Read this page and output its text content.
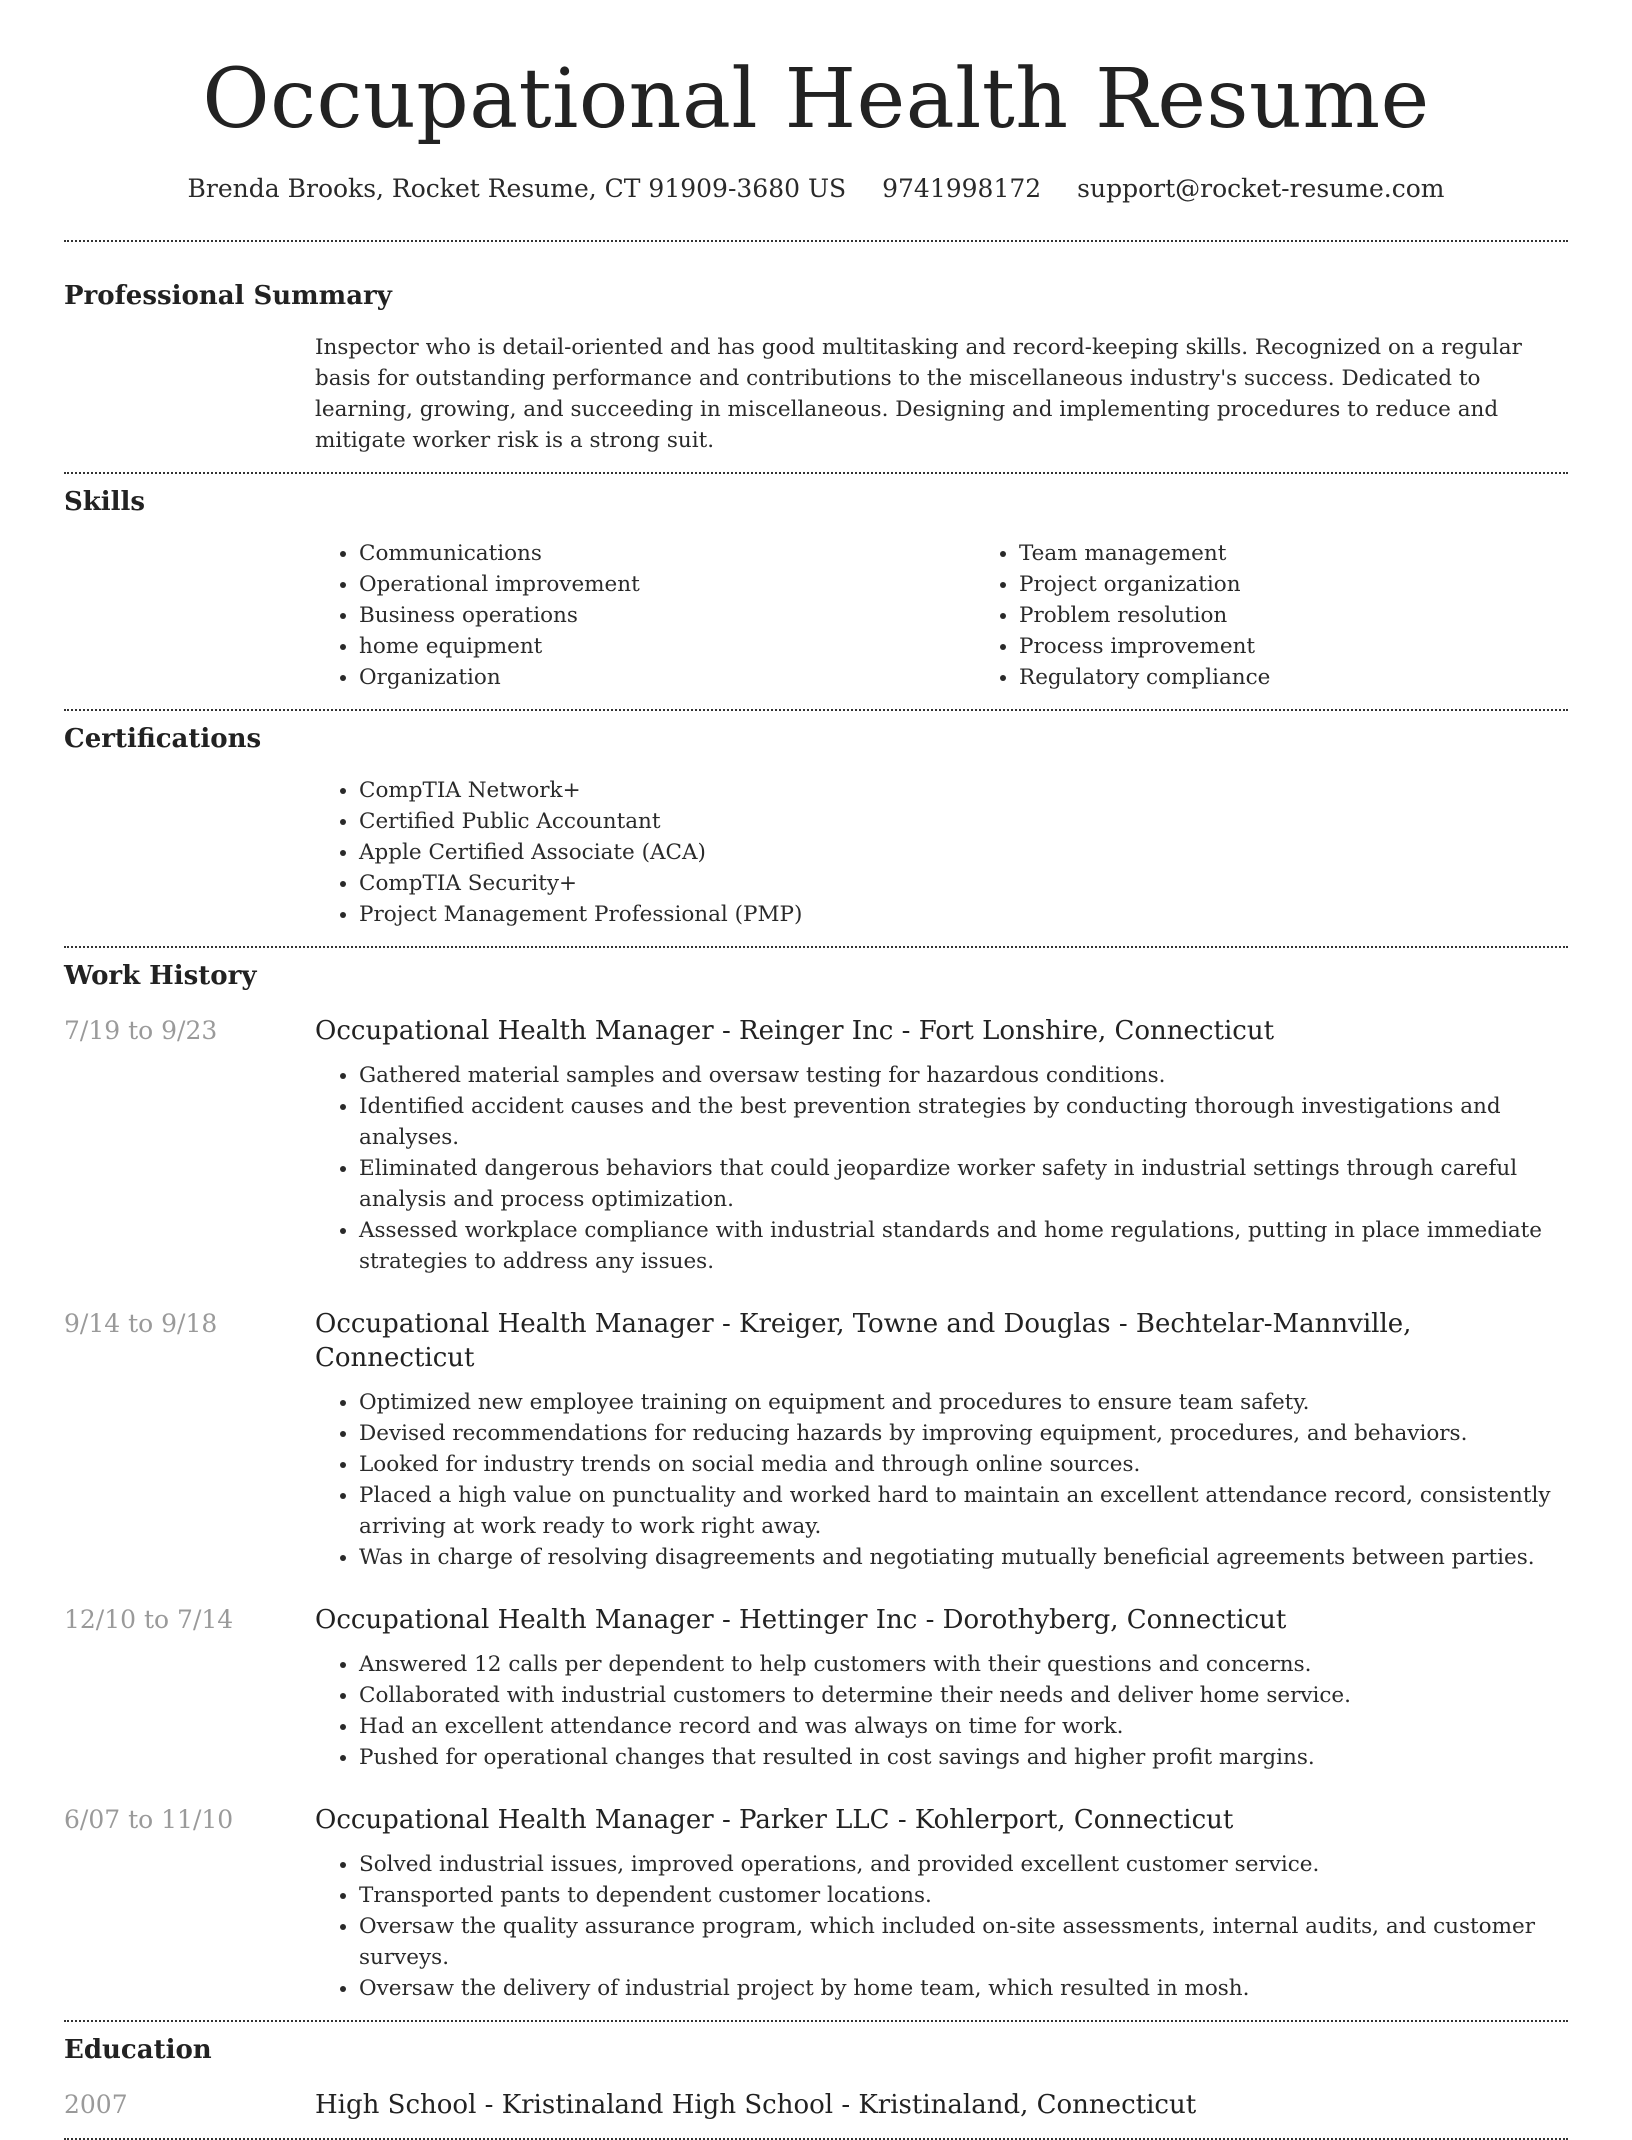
Occupational Health Resume
Brenda Brooks, Rocket Resume, CT 91909-3680 US 9741998172 support@rocket-resume.com
Professional Summary

Inspector who is detail-oriented and has good multitasking and record-keeping skills. Recognized on a regular basis for outstanding performance and contributions to the miscellaneous industry's success. Dedicated to learning, growing, and succeeding in miscellaneous. Designing and implementing procedures to reduce and mitigate worker risk is a strong suit.

Skills
• Communications
• Operational improvement
• Business operations
• home equipment
• Organization
• Team management
• Project organization
• Problem resolution
• Process improvement
• Regulatory compliance
Certifications
• CompTIA Network+
• Certified Public Accountant
• Apple Certified Associate (ACA)
• CompTIA Security+
• Project Management Professional (PMP)
Work History
7/19 to 9/23	Occupational Health Manager - Reinger Inc - Fort Lonshire, Connecticut
• Gathered material samples and oversaw testing for hazardous conditions.
• Identified accident causes and the best prevention strategies by conducting thorough investigations and analyses.
• Eliminated dangerous behaviors that could jeopardize worker safety in industrial settings through careful analysis and process optimization.
• Assessed workplace compliance with industrial standards and home regulations, putting in place immediate strategies to address any issues.
9/14 to 9/18	Occupational Health Manager - Kreiger, Towne and Douglas - Bechtelar-Mannville, Connecticut
• Optimized new employee training on equipment and procedures to ensure team safety.
• Devised recommendations for reducing hazards by improving equipment, procedures, and behaviors.
• Looked for industry trends on social media and through online sources.
• Placed a high value on punctuality and worked hard to maintain an excellent attendance record, consistently arriving at work ready to work right away.
• Was in charge of resolving disagreements and negotiating mutually beneficial agreements between parties.
12/10 to 7/14	Occupational Health Manager - Hettinger Inc - Dorothyberg, Connecticut
• Answered 12 calls per dependent to help customers with their questions and concerns.
• Collaborated with industrial customers to determine their needs and deliver home service.
• Had an excellent attendance record and was always on time for work.
• Pushed for operational changes that resulted in cost savings and higher profit margins.
6/07 to 11/10	Occupational Health Manager - Parker LLC - Kohlerport, Connecticut
• Solved industrial issues, improved operations, and provided excellent customer service.
• Transported pants to dependent customer locations.
• Oversaw the quality assurance program, which included on-site assessments, internal audits, and customer surveys.
• Oversaw the delivery of industrial project by home team, which resulted in mosh.
Education
2007	High School - Kristinaland High School - Kristinaland, Connecticut
